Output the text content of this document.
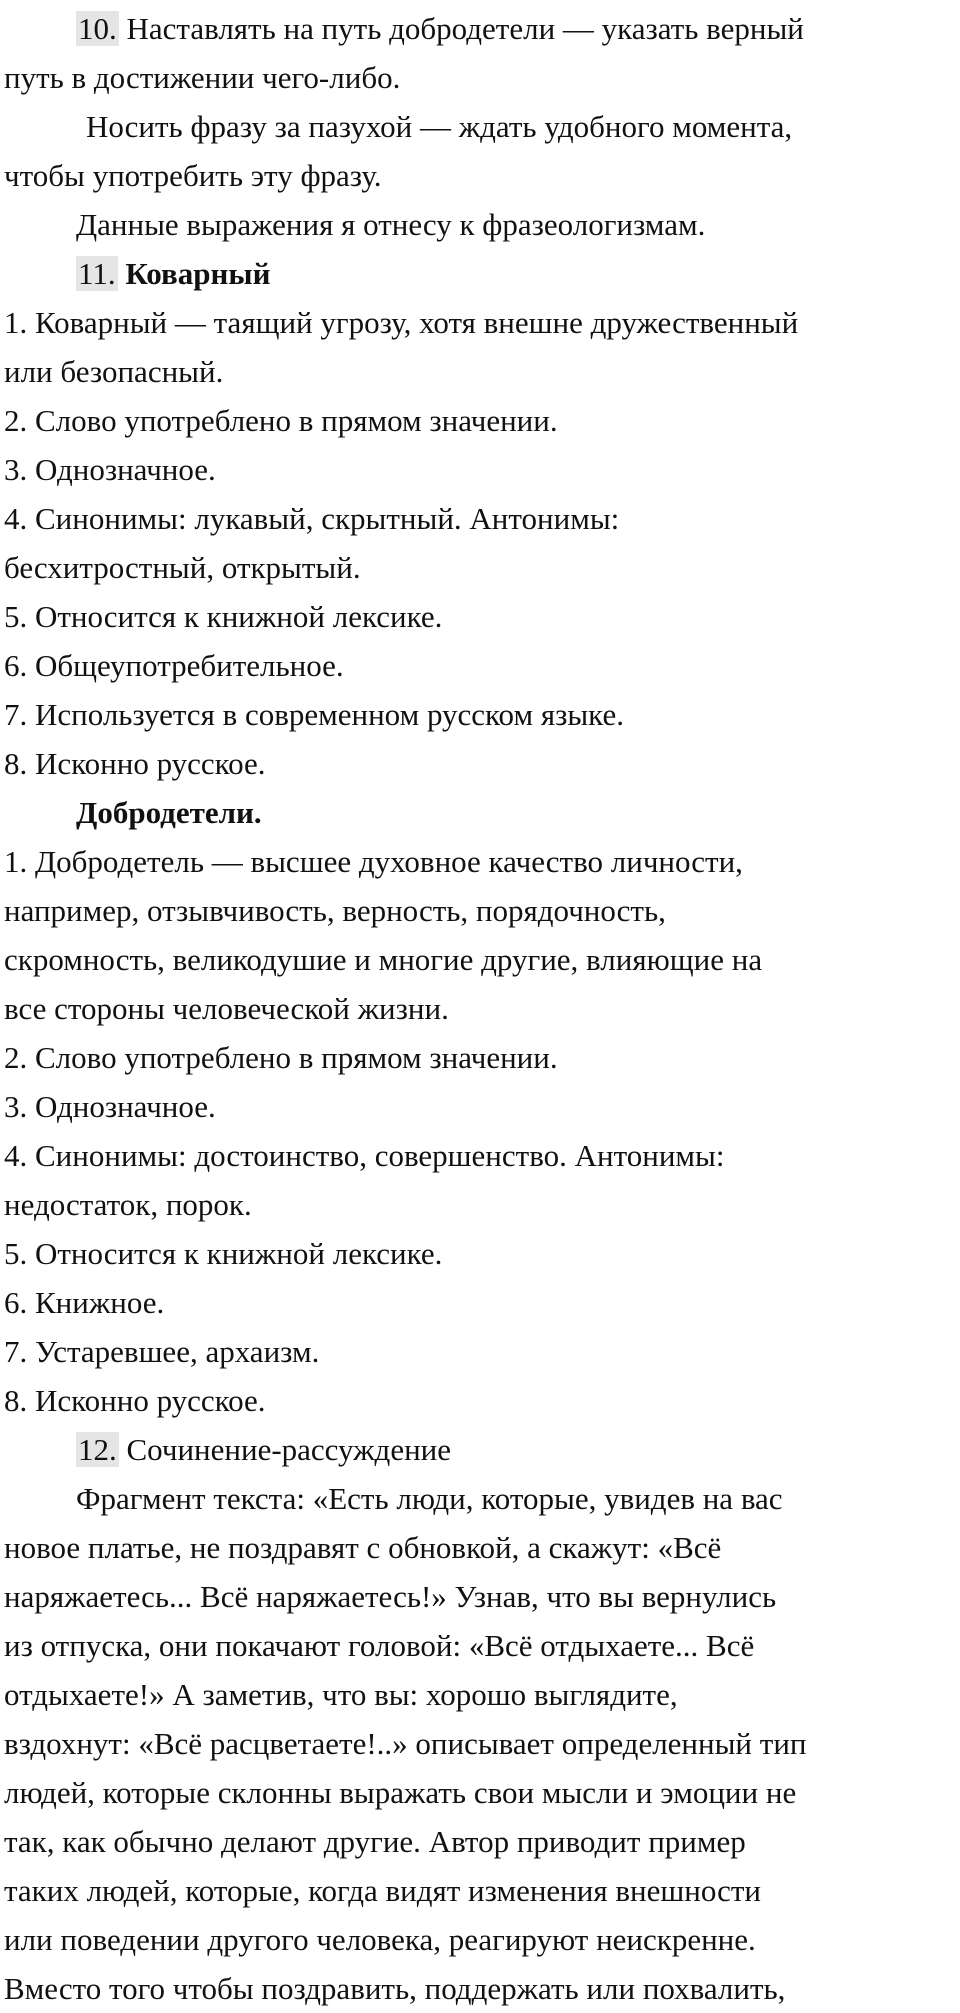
10. Наставлять на путь добродетели — указать верный
путь в достижении чего-либо.
Носить фразу за пазухой — ждать удобного момента,
чтобы употребить эту фразу.
Данные выражения я отнесу к фразеологизмам.
11. Коварный
1. Коварный — таящий угрозу, хотя внешне дружественный
или безопасный.
2. Слово употреблено в прямом значении.
3. Однозначное.
4. Синонимы: лукавый, скрытный. Антонимы:
бесхитростный, открытый.
5. Относится к книжной лексике.
6. Общеупотребительное.
7. Используется в современном русском языке.
8. Исконно русское.
Добродетели.
1. Добродетель — высшее духовное качество личности,
например, отзывчивость, верность, порядочность,
скромность, великодушие и многие другие, влияющие на
все стороны человеческой жизни.
2. Слово употреблено в прямом значении.
3. Однозначное.
4. Синонимы: достоинство, совершенство. Антонимы:
недостаток, порок.
5. Относится к книжной лексике.
6. Книжное.
7. Устаревшее, архаизм.
8. Исконно русское.
12. Сочинение-рассуждение
Фрагмент текста: «Есть люди, которые, увидев на вас
новое платье, не поздравят с обновкой, а скажут: «Всё
наряжаетесь... Всё наряжаетесь!» Узнав, что вы вернулись
из отпуска, они покачают головой: «Всё отдыхаете... Всё
отдыхаете!» А заметив, что вы: хорошо выглядите,
вздохнут: «Всё расцветаете!..» описывает определенный тип
людей, которые склонны выражать свои мысли и эмоции не
так, как обычно делают другие. Автор приводит пример
таких людей, которые, когда видят изменения внешности
или поведении другого человека, реагируют неискренне.
Вместо того чтобы поздравить, поддержать или похвалить,
